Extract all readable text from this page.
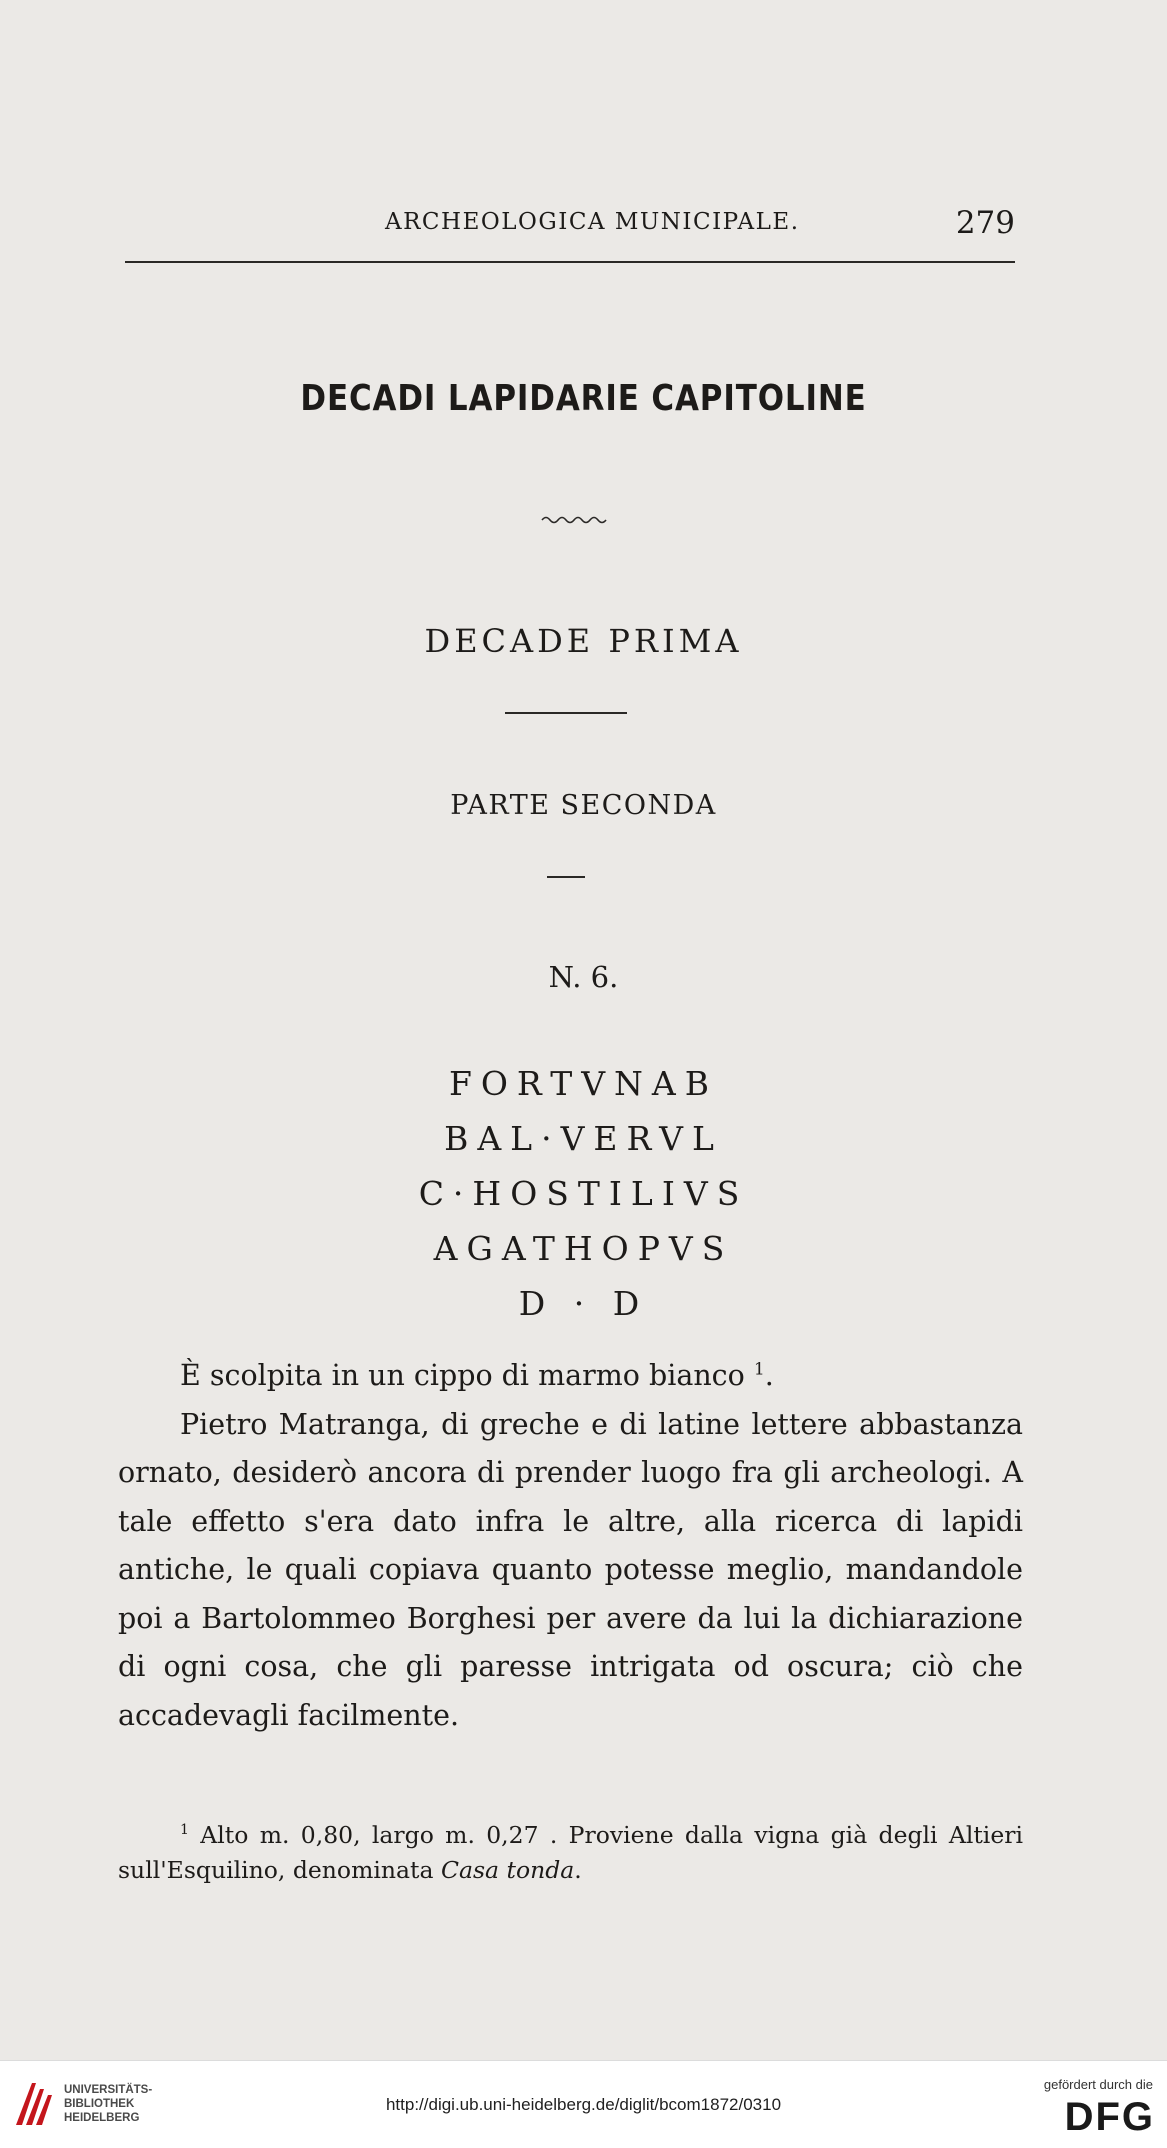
ARCHEOLOGICA MUNICIPALE.	279
DECADI LAPIDARIE CAPITOLINE
DECADE PRIMA
PARTE SECONDA
N. 6.
FORTVNAB
BAL·VERVL
C·HOSTILIVS
AGATHOPVS
D · D

È scolpita in un cippo di marmo bianco $^1$.

Pietro Matranga, di greche e di latine lettere abbastanza ornato, desiderò ancora di prender luogo fra gli archeologi. A tale effetto s'era dato infra le altre, alla ricerca di lapidi antiche, le quali copiava quanto potesse meglio, mandandole poi a Bartolommeo Borghesi per avere da lui la dichiarazione di ogni cosa, che gli paresse intrigata od oscura; ciò che accadevagli facilmente.

$^1$ Alto m. 0,80, largo m. 0,27 . Proviene dalla vigna già degli Altieri sull'Esquilino, denominata Casa tonda.

UNIVERSITÄTS-
BIBLIOTHEK
HEIDELBERG
http://digi.ub.uni-heidelberg.de/diglit/bcom1872/0310
gefördert durch die
DFG
